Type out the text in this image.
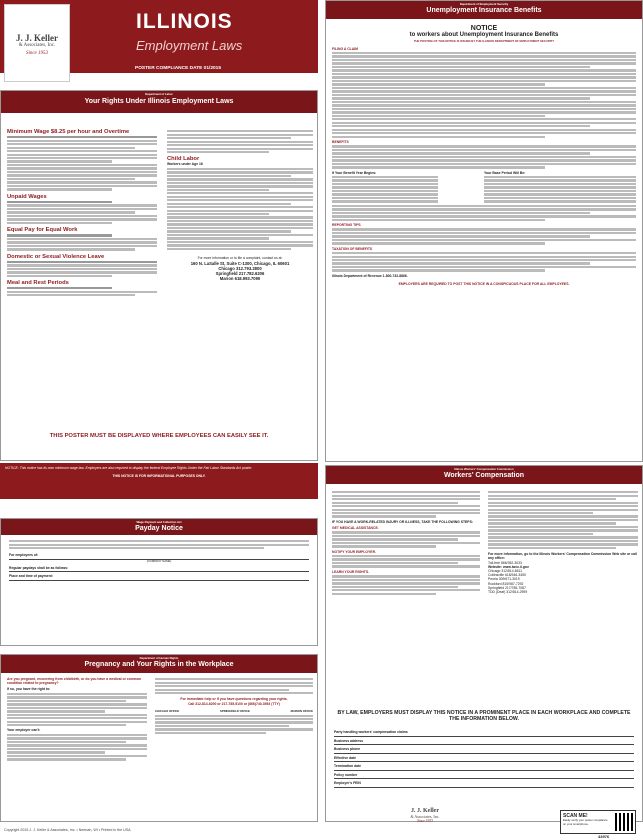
J. J. Keller
& Associates, Inc.
Since 1953
ILLINOIS
Employment Laws
POSTER COMPLIANCE DATE 01/2015
Department of Labor
Your Rights Under Illinois Employment Laws
Minimum Wage $8.25 per hour and Overtime
Unpaid Wages
Equal Pay for Equal Work
Domestic or Sexual Violence Leave
Meal and Rest Periods
Child Labor
Workers under Age 16
For more information or to file a complaint, contact us at:
160 N. LaSalle St, Suite C-1300, Chicago, IL 60601
Chicago 312.793.2800
Springfield 217.782.6206
Marion 618.993.7090
THIS POSTER MUST BE DISPLAYED WHERE EMPLOYEES CAN EASILY SEE IT.
NOTICE: This notice has its own minimum wage law. Employers are also required to display the federal Employee Rights Under the Fair Labor Standards Act poster.
THIS NOTICE IS FOR INFORMATIONAL PURPOSES ONLY.
Wage Payment and Collection Act
Payday Notice
For employees of:
(COMPANY NAME)
Regular paydays shall be as follows:
Place and time of payment:
Department of Human Rights
Pregnancy and Your Rights in the Workplace
Are you pregnant, recovering from childbirth, or do you have a medical or common condition related to pregnancy?
If so, you have the right to:
Your employer can't:
For immediate help or if you have questions regarding your rights.
Call 312-814-6200 or 217-785-5100 or (866)740-3953 (TTY)
CHICAGO OFFICE	SPRINGFIELD OFFICE	MARION OFFICE
Department of Employment Security
Unemployment Insurance Benefits
NOTICE
to workers about Unemployment Insurance Benefits
THE POSTING OF THIS NOTICE IS ISSUED BY THE ILLINOIS DEPARTMENT OF EMPLOYMENT SECURITY
FILING A CLAIM
BENEFITS
If Your Benefit Year Begins:	Your Base Period Will Be:
REPORTING TIPS
TAXATION OF BENEFITS
Illinois Department of Revenue 1-800-732-8866.
EMPLOYERS ARE REQUIRED TO POST THIS NOTICE IN A CONSPICUOUS PLACE FOR ALL EMPLOYEES.
Illinois Workers' Compensation Commission
Workers' Compensation
IF YOU HAVE A WORK-RELATED INJURY OR ILLNESS, TAKE THE FOLLOWING STEPS:
GET MEDICAL ASSISTANCE.
NOTIFY YOUR EMPLOYER.
LEARN YOUR RIGHTS.
For more information, go to the Illinois Workers' Compensation Commission Web site or call any office:
Toll-free 866/352-3033
Website: www.iwcc.il.gov
Chicago 312/814-6611
Collinsville 618/346-3450
Peoria 309/671-3019
Rockford 815/987-7292
Springfield 217/785-7087
TDD (Deaf) 312/814-2959
BY LAW, EMPLOYERS MUST DISPLAY THIS NOTICE IN A PROMINENT PLACE IN EACH WORKPLACE AND COMPLETE THE INFORMATION BELOW.
Party handling workers' compensation claims
Business address
Business phone
Effective date
Termination date
Policy number
Employer's FEIN
Copyright 2015 J. J. Keller & Associates, Inc. • Neenah, WI • Printed in the USA
J. J. Keller
& Associates, Inc.
Since 1953
SCAN ME!
Easily verify your poster compliance on your smartphone.
43976
